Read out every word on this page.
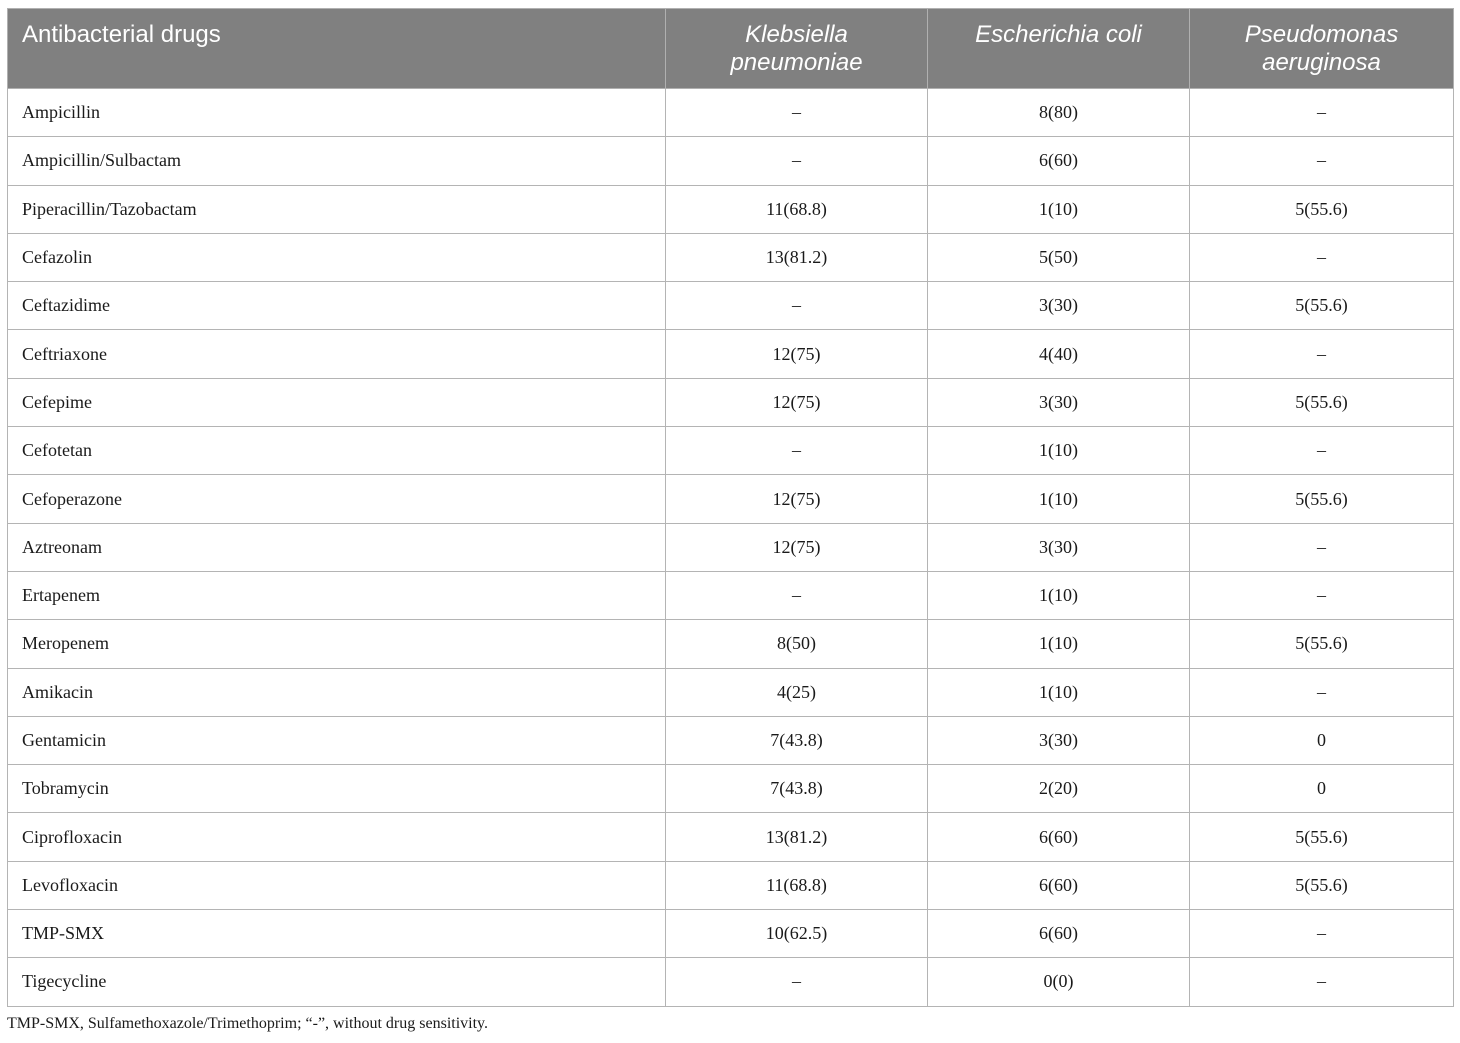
Antibacterial drugs	Klebsiella pneumoniae	Escherichia coli	Pseudomonas aeruginosa
Ampicillin	–	8(80)	–
Ampicillin/Sulbactam	–	6(60)	–
Piperacillin/Tazobactam	11(68.8)	1(10)	5(55.6)
Cefazolin	13(81.2)	5(50)	–
Ceftazidime	–	3(30)	5(55.6)
Ceftriaxone	12(75)	4(40)	–
Cefepime	12(75)	3(30)	5(55.6)
Cefotetan	–	1(10)	–
Cefoperazone	12(75)	1(10)	5(55.6)
Aztreonam	12(75)	3(30)	–
Ertapenem	–	1(10)	–
Meropenem	8(50)	1(10)	5(55.6)
Amikacin	4(25)	1(10)	–
Gentamicin	7(43.8)	3(30)	0
Tobramycin	7(43.8)	2(20)	0
Ciprofloxacin	13(81.2)	6(60)	5(55.6)
Levofloxacin	11(68.8)	6(60)	5(55.6)
TMP-SMX	10(62.5)	6(60)	–
Tigecycline	–	0(0)	–
TMP-SMX, Sulfamethoxazole/Trimethoprim; “-”, without drug sensitivity.
